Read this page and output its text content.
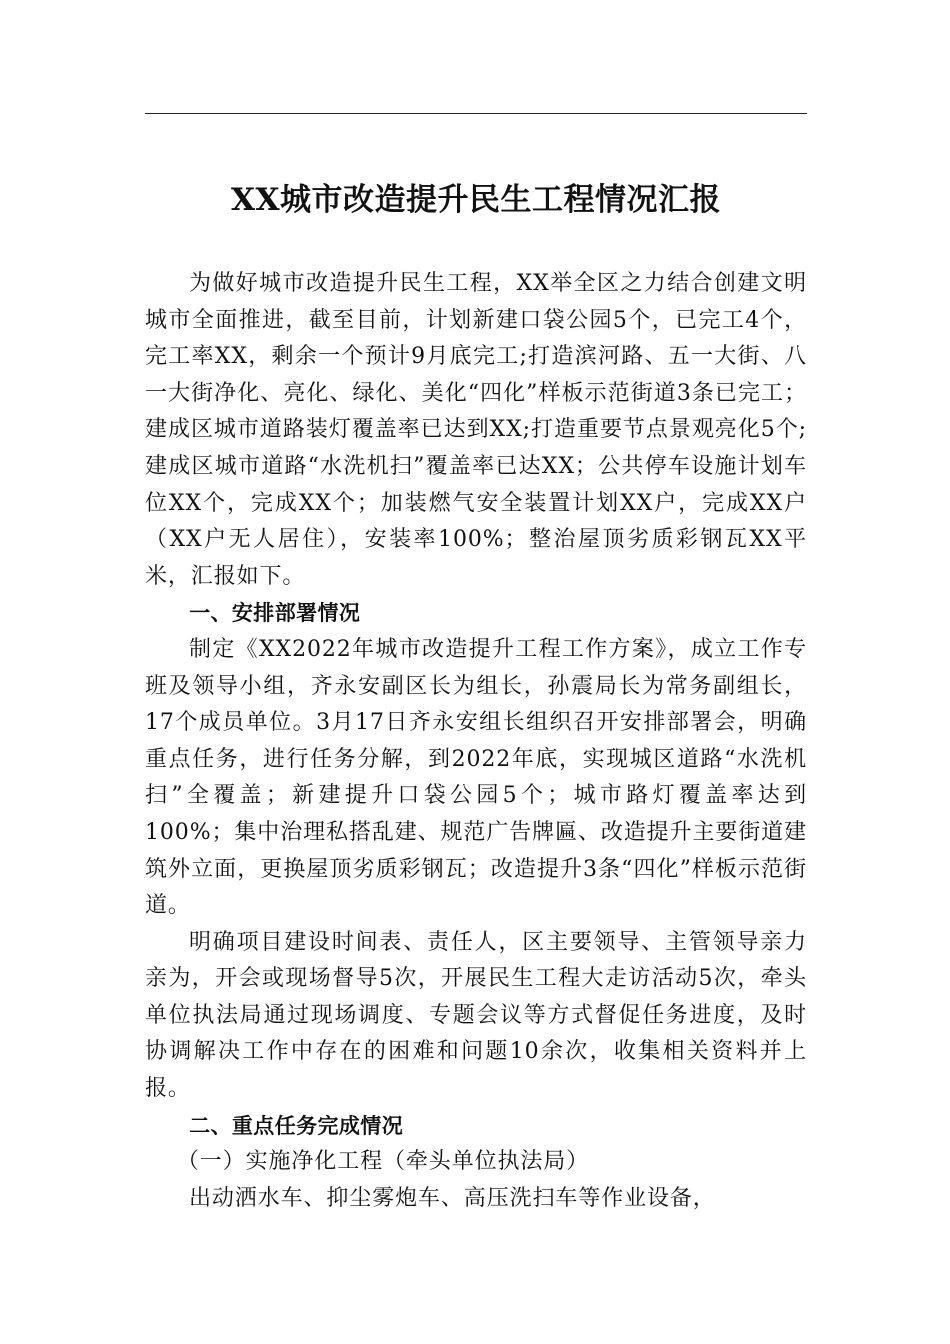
XX城市改造提升民生工程情况汇报

为做好城市改造提升民生工程，XX举全区之力结合创建文明城市全面推进，截至目前，计划新建口袋公园5个，已完工4个，完工率XX，剩余一个预计9月底完工;打造滨河路、五一大街、八一大街净化、亮化、绿化、美化“四化”样板示范街道3条已完工；建成区城市道路装灯覆盖率已达到XX;打造重要节点景观亮化5个;建成区城市道路“水洗机扫”覆盖率已达XX；公共停车设施计划车位XX个，完成XX个；加装燃气安全装置计划XX户，完成XX户（XX户无人居住），安装率100%；整治屋顶劣质彩钢瓦XX平米，汇报如下。

一、安排部署情况

制定《XX2022年城市改造提升工程工作方案》，成立工作专班及领导小组，齐永安副区长为组长，孙震局长为常务副组长，17个成员单位。3月17日齐永安组长组织召开安排部署会，明确重点任务，进行任务分解，到2022年底，实现城区道路“水洗机扫”全覆盖；新建提升口袋公园5个；城市路灯覆盖率达到100%；集中治理私搭乱建、规范广告牌匾、改造提升主要街道建筑外立面，更换屋顶劣质彩钢瓦；改造提升3条“四化”样板示范街道。

明确项目建设时间表、责任人，区主要领导、主管领导亲力亲为，开会或现场督导5次，开展民生工程大走访活动5次，牵头单位执法局通过现场调度、专题会议等方式督促任务进度，及时协调解决工作中存在的困难和问题10余次，收集相关资料并上报。

二、重点任务完成情况

（一）实施净化工程（牵头单位执法局）

出动洒水车、抑尘雾炮车、高压洗扫车等作业设备，
